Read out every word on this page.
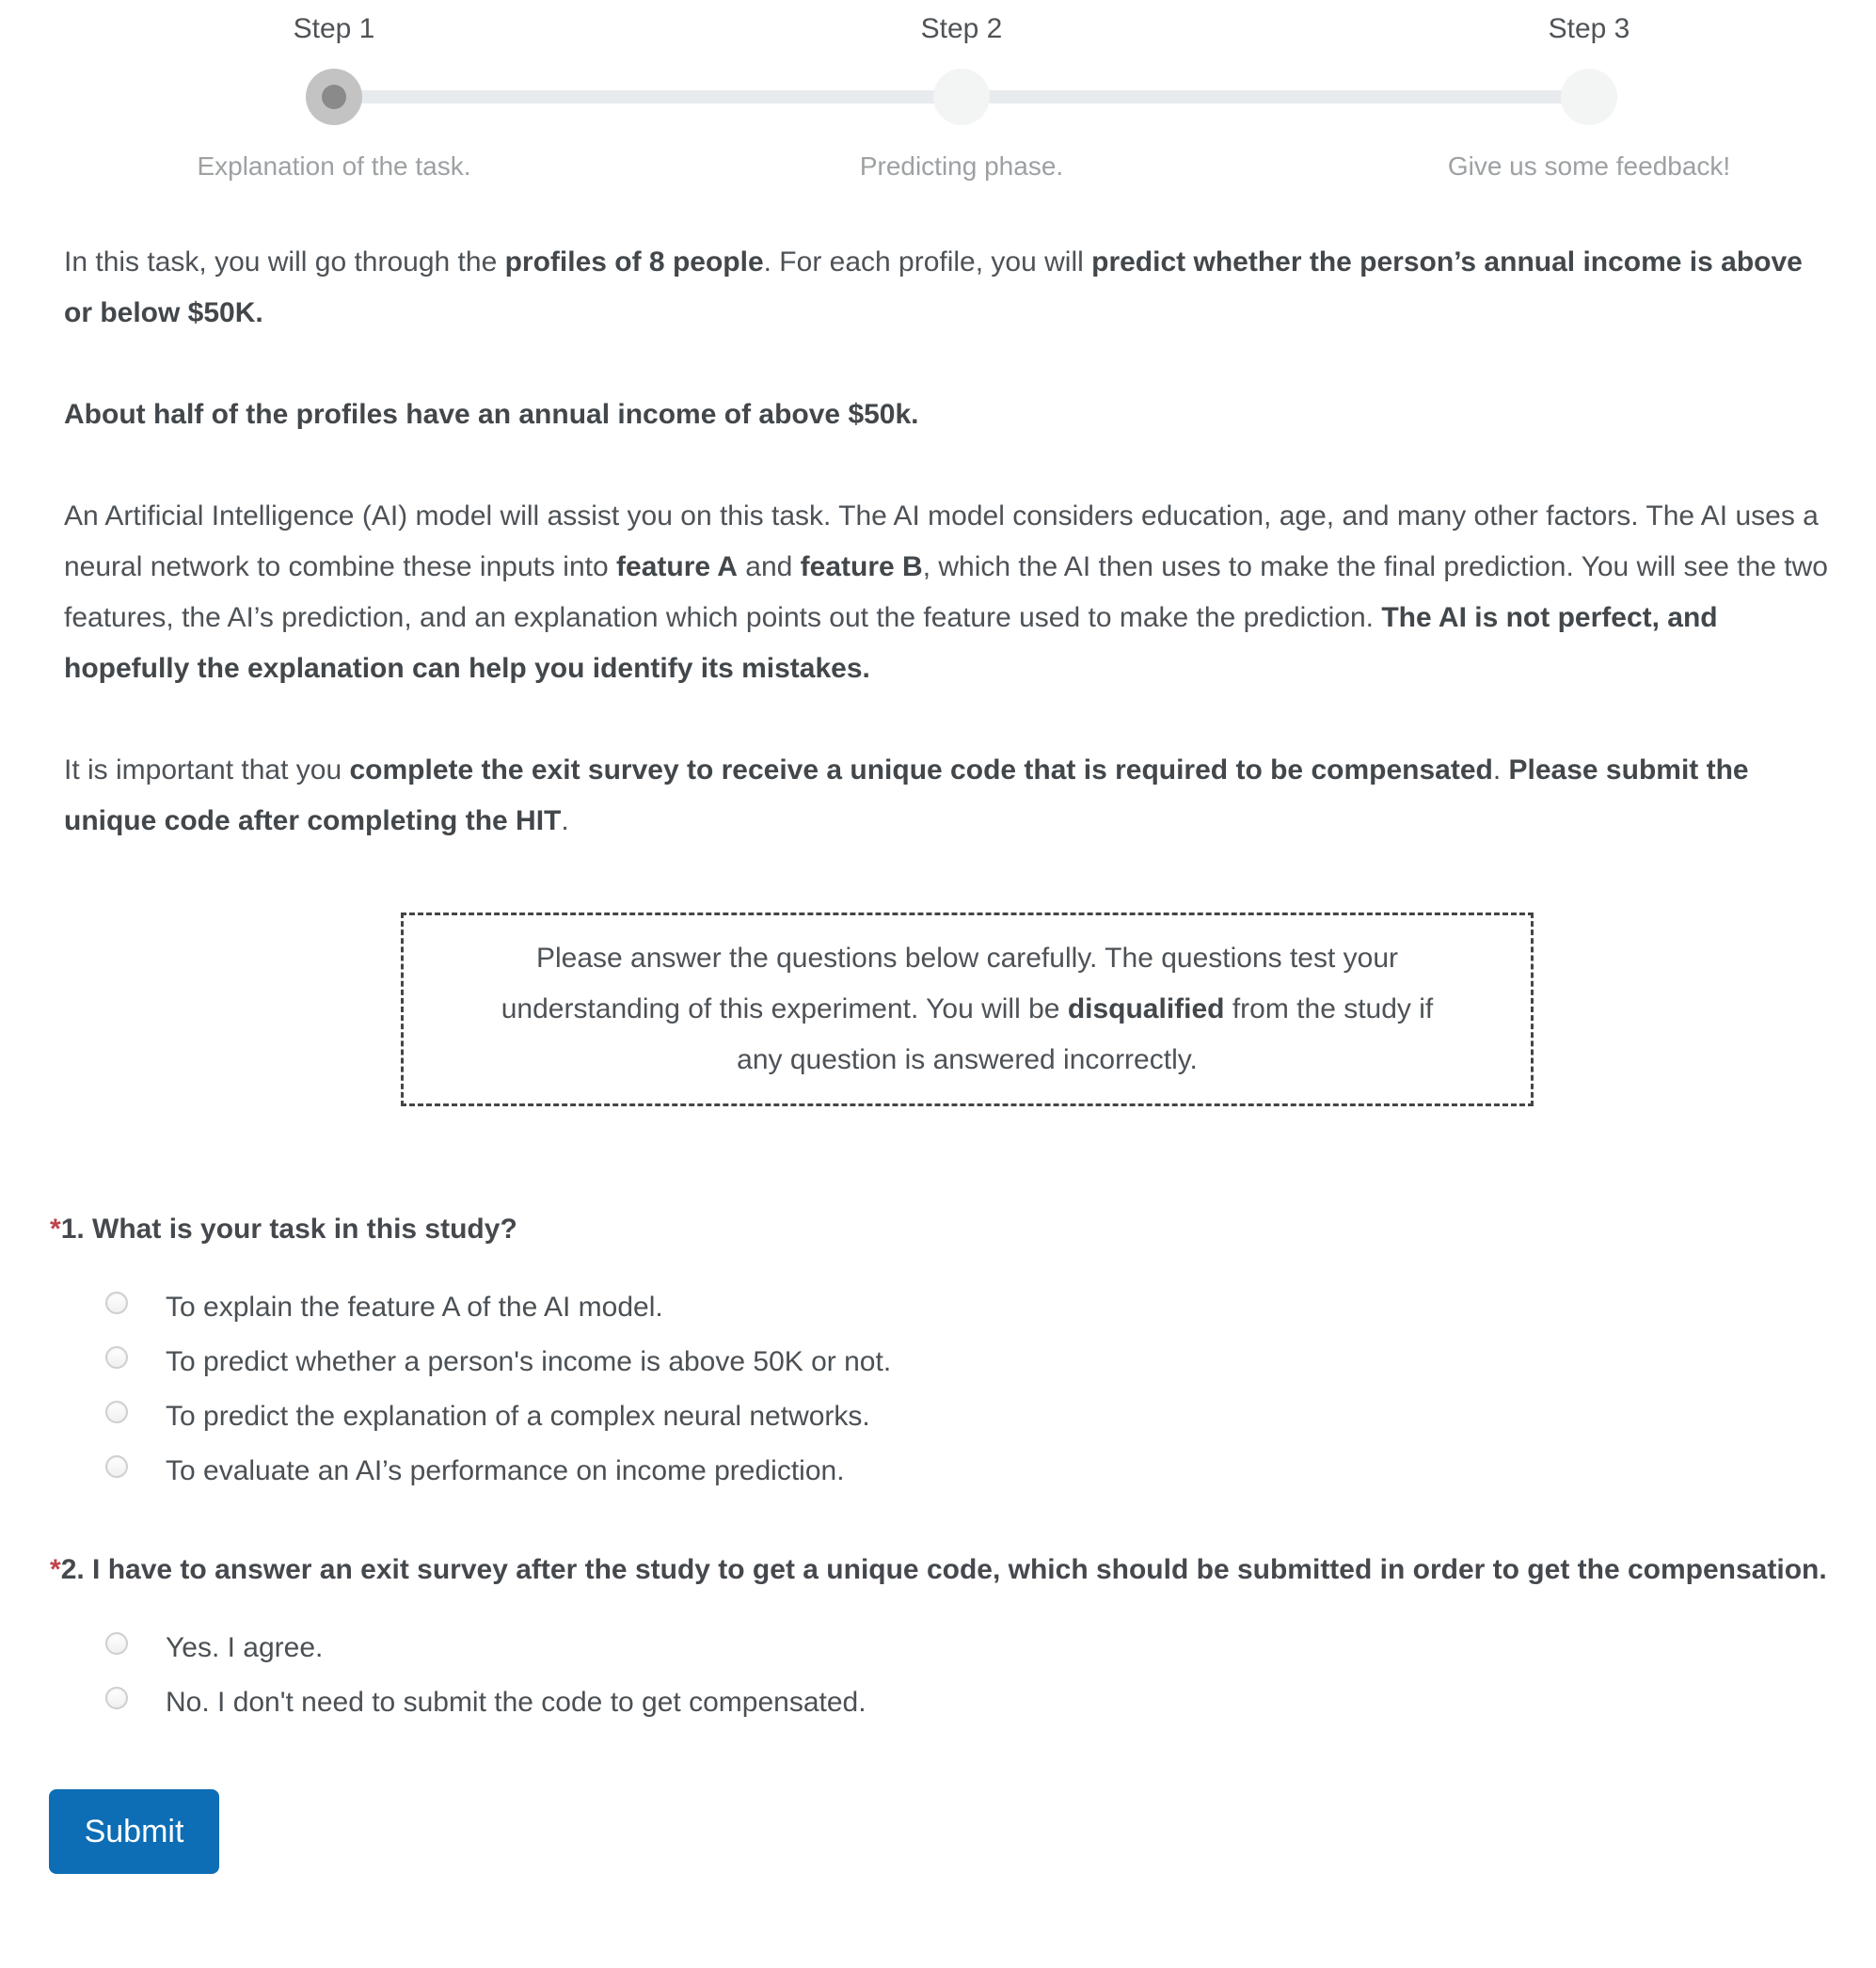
Step 1
Explanation of the task.
Step 2
Predicting phase.
Step 3
Give us some feedback!

In this task, you will go through the profiles of 8 people. For each profile, you will predict whether the person’s annual income is above or below $50K.

About half of the profiles have an annual income of above $50k.

An Artificial Intelligence (AI) model will assist you on this task. The AI model considers education, age, and many other factors. The AI uses a neural network to combine these inputs into feature A and feature B, which the AI then uses to make the final prediction. You will see the two features, the AI’s prediction, and an explanation which points out the feature used to make the prediction. The AI is not perfect, and hopefully the explanation can help you identify its mistakes.

It is important that you complete the exit survey to receive a unique code that is required to be compensated. Please submit the unique code after completing the HIT.

Please answer the questions below carefully. The questions test your understanding of this experiment. You will be disqualified from the study if any question is answered incorrectly.
*1. What is your task in this study?
To explain the feature A of the AI model.
To predict whether a person's income is above 50K or not.
To predict the explanation of a complex neural networks.
To evaluate an AI’s performance on income prediction.
*2. I have to answer an exit survey after the study to get a unique code, which should be submitted in order to get the compensation.
Yes. I agree.
No. I don't need to submit the code to get compensated.
Submit
